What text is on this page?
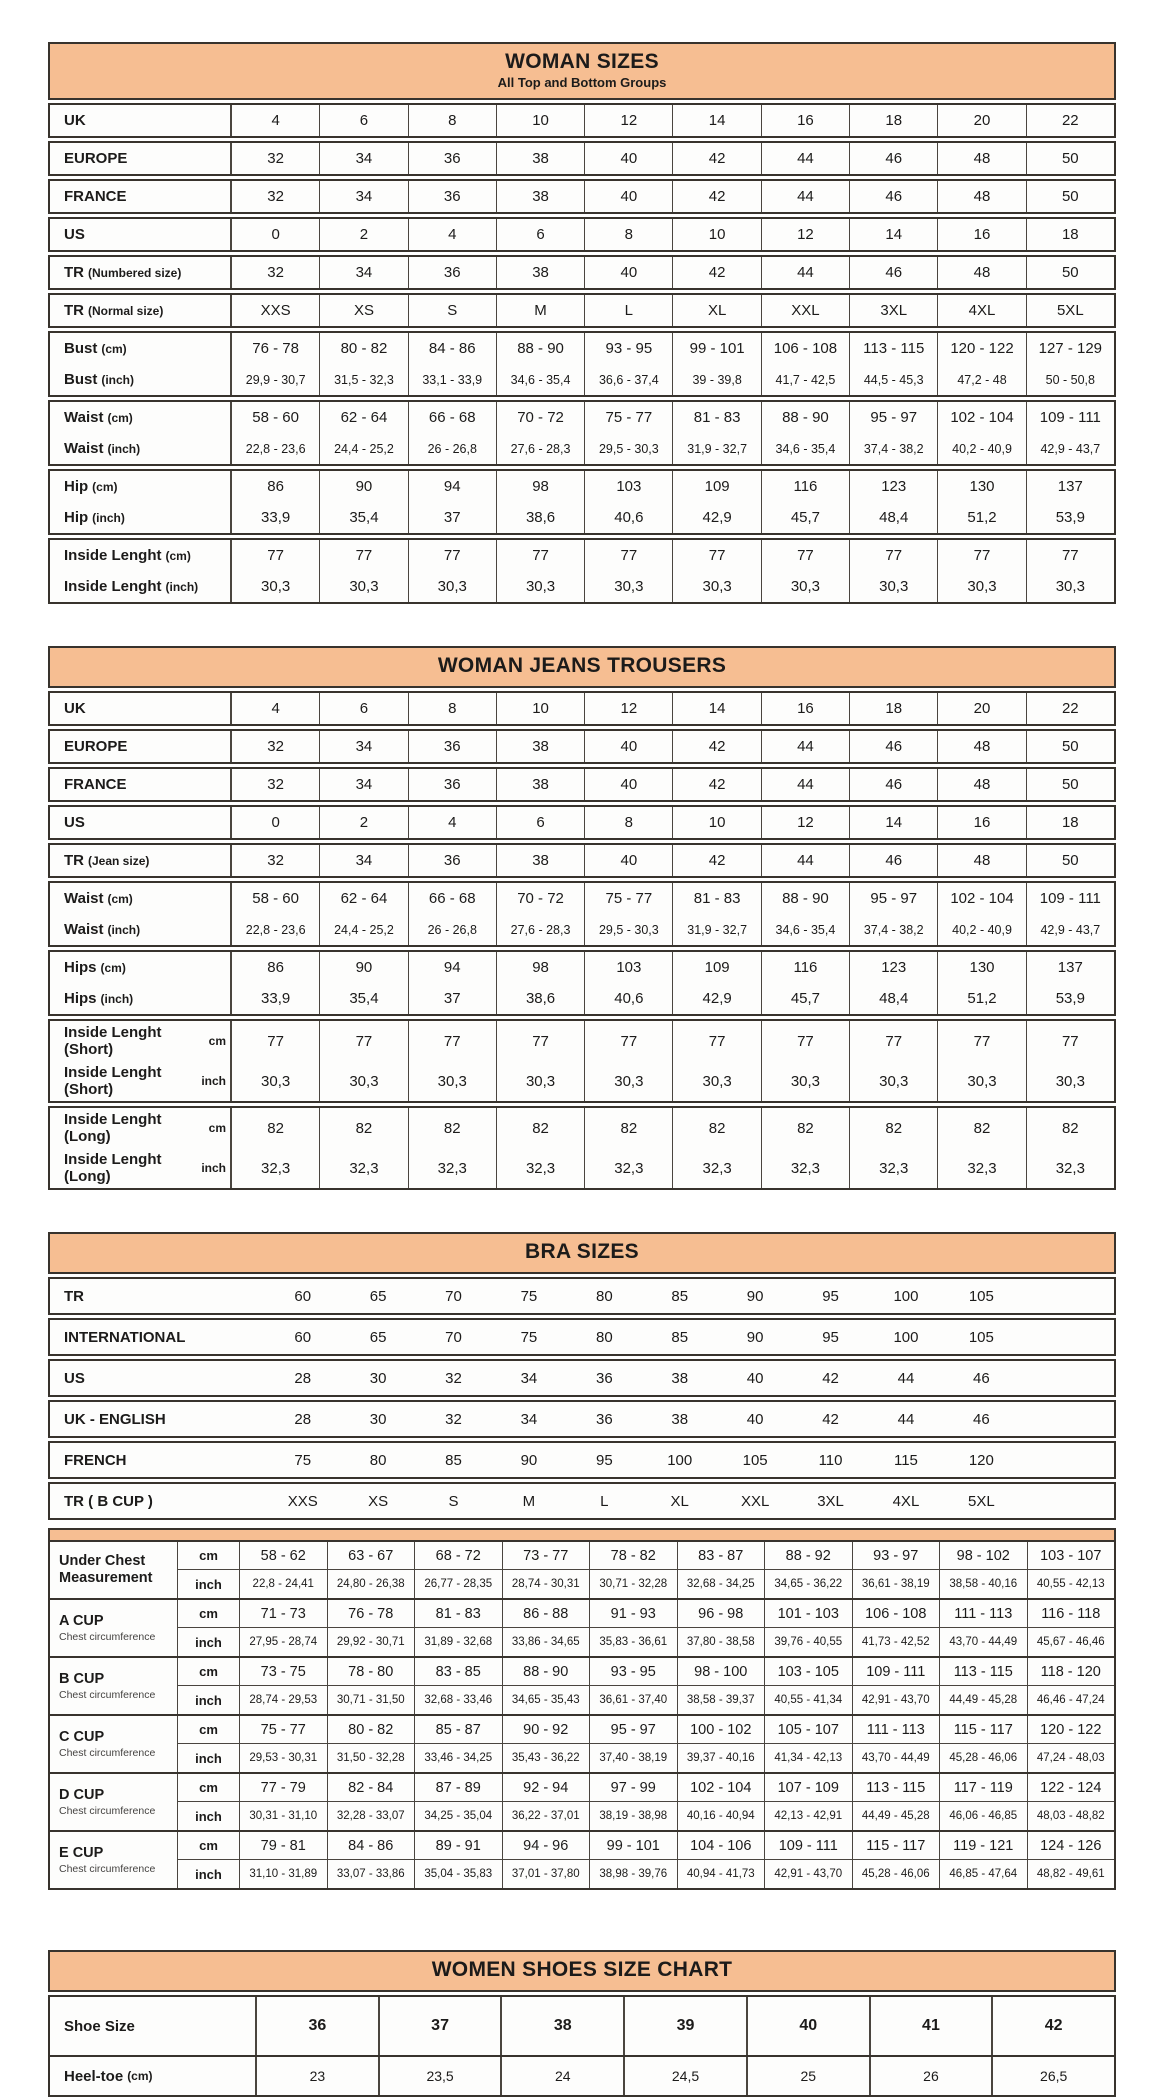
WOMAN SIZES
All Top and Bottom Groups
UK	4	6	8	10	12	14	16	18	20	22
EUROPE	32	34	36	38	40	42	44	46	48	50
FRANCE	32	34	36	38	40	42	44	46	48	50
US	0	2	4	6	8	10	12	14	16	18
TR (Numbered size)	32	34	36	38	40	42	44	46	48	50
TR (Normal size)	XXS	XS	S	M	L	XL	XXL	3XL	4XL	5XL
Bust (cm)	76 - 78	80 - 82	84 - 86	88 - 90	93 - 95	99 - 101	106 - 108	113 - 115	120 - 122	127 - 129
Bust (inch)	29,9 - 30,7	31,5 - 32,3	33,1 - 33,9	34,6 - 35,4	36,6 - 37,4	39 - 39,8	41,7 - 42,5	44,5 - 45,3	47,2 - 48	50 - 50,8
Waist (cm)	58 - 60	62 - 64	66 - 68	70 - 72	75 - 77	81 - 83	88 - 90	95 - 97	102 - 104	109 - 111
Waist (inch)	22,8 - 23,6	24,4 - 25,2	26 - 26,8	27,6 - 28,3	29,5 - 30,3	31,9 - 32,7	34,6 - 35,4	37,4 - 38,2	40,2 - 40,9	42,9 - 43,7
Hip (cm)	86	90	94	98	103	109	116	123	130	137
Hip (inch)	33,9	35,4	37	38,6	40,6	42,9	45,7	48,4	51,2	53,9
Inside Lenght (cm)	77	77	77	77	77	77	77	77	77	77
Inside Lenght (inch)	30,3	30,3	30,3	30,3	30,3	30,3	30,3	30,3	30,3	30,3
WOMAN JEANS TROUSERS
UK	4	6	8	10	12	14	16	18	20	22
EUROPE	32	34	36	38	40	42	44	46	48	50
FRANCE	32	34	36	38	40	42	44	46	48	50
US	0	2	4	6	8	10	12	14	16	18
TR (Jean size)	32	34	36	38	40	42	44	46	48	50
Waist (cm)	58 - 60	62 - 64	66 - 68	70 - 72	75 - 77	81 - 83	88 - 90	95 - 97	102 - 104	109 - 111
Waist (inch)	22,8 - 23,6	24,4 - 25,2	26 - 26,8	27,6 - 28,3	29,5 - 30,3	31,9 - 32,7	34,6 - 35,4	37,4 - 38,2	40,2 - 40,9	42,9 - 43,7
Hips (cm)	86	90	94	98	103	109	116	123	130	137
Hips (inch)	33,9	35,4	37	38,6	40,6	42,9	45,7	48,4	51,2	53,9
Inside Lenght (Short)	cm	77	77	77	77	77	77	77	77	77	77
Inside Lenght (Short)	inch	30,3	30,3	30,3	30,3	30,3	30,3	30,3	30,3	30,3	30,3
Inside Lenght (Long)	cm	82	82	82	82	82	82	82	82	82	82
Inside Lenght (Long)	inch	32,3	32,3	32,3	32,3	32,3	32,3	32,3	32,3	32,3	32,3
BRA SIZES
TR	60	65	70	75	80	85	90	95	100	105
INTERNATIONAL	60	65	70	75	80	85	90	95	100	105
US	28	30	32	34	36	38	40	42	44	46
UK - ENGLISH	28	30	32	34	36	38	40	42	44	46
FRENCH	75	80	85	90	95	100	105	110	115	120
TR ( B CUP )	XXS	XS	S	M	L	XL	XXL	3XL	4XL	5XL
Under Chest Measurement
cm	58 - 62	63 - 67	68 - 72	73 - 77	78 - 82	83 - 87	88 - 92	93 - 97	98 - 102	103 - 107
inch	22,8 - 24,41	24,80 - 26,38	26,77 - 28,35	28,74 - 30,31	30,71 - 32,28	32,68 - 34,25	34,65 - 36,22	36,61 - 38,19	38,58 - 40,16	40,55 - 42,13
A CUP
Chest circumference
cm	71 - 73	76 - 78	81 - 83	86 - 88	91 - 93	96 - 98	101 - 103	106 - 108	111 - 113	116 - 118
inch	27,95 - 28,74	29,92 - 30,71	31,89 - 32,68	33,86 - 34,65	35,83 - 36,61	37,80 - 38,58	39,76 - 40,55	41,73 - 42,52	43,70 - 44,49	45,67 - 46,46
B CUP
Chest circumference
cm	73 - 75	78 - 80	83 - 85	88 - 90	93 - 95	98 - 100	103 - 105	109 - 111	113 - 115	118 - 120
inch	28,74 - 29,53	30,71 - 31,50	32,68 - 33,46	34,65 - 35,43	36,61 - 37,40	38,58 - 39,37	40,55 - 41,34	42,91 - 43,70	44,49 - 45,28	46,46 - 47,24
C CUP
Chest circumference
cm	75 - 77	80 - 82	85 - 87	90 - 92	95 - 97	100 - 102	105 - 107	111 - 113	115 - 117	120 - 122
inch	29,53 - 30,31	31,50 - 32,28	33,46 - 34,25	35,43 - 36,22	37,40 - 38,19	39,37 - 40,16	41,34 - 42,13	43,70 - 44,49	45,28 - 46,06	47,24 - 48,03
D CUP
Chest circumference
cm	77 - 79	82 - 84	87 - 89	92 - 94	97 - 99	102 - 104	107 - 109	113 - 115	117 - 119	122 - 124
inch	30,31 - 31,10	32,28 - 33,07	34,25 - 35,04	36,22 - 37,01	38,19 - 38,98	40,16 - 40,94	42,13 - 42,91	44,49 - 45,28	46,06 - 46,85	48,03 - 48,82
E CUP
Chest circumference
cm	79 - 81	84 - 86	89 - 91	94 - 96	99 - 101	104 - 106	109 - 111	115 - 117	119 - 121	124 - 126
inch	31,10 - 31,89	33,07 - 33,86	35,04 - 35,83	37,01 - 37,80	38,98 - 39,76	40,94 - 41,73	42,91 - 43,70	45,28 - 46,06	46,85 - 47,64	48,82 - 49,61
WOMEN SHOES SIZE CHART
Shoe Size	36	37	38	39	40	41	42
Heel-toe (cm)	23	23,5	24	24,5	25	26	26,5
